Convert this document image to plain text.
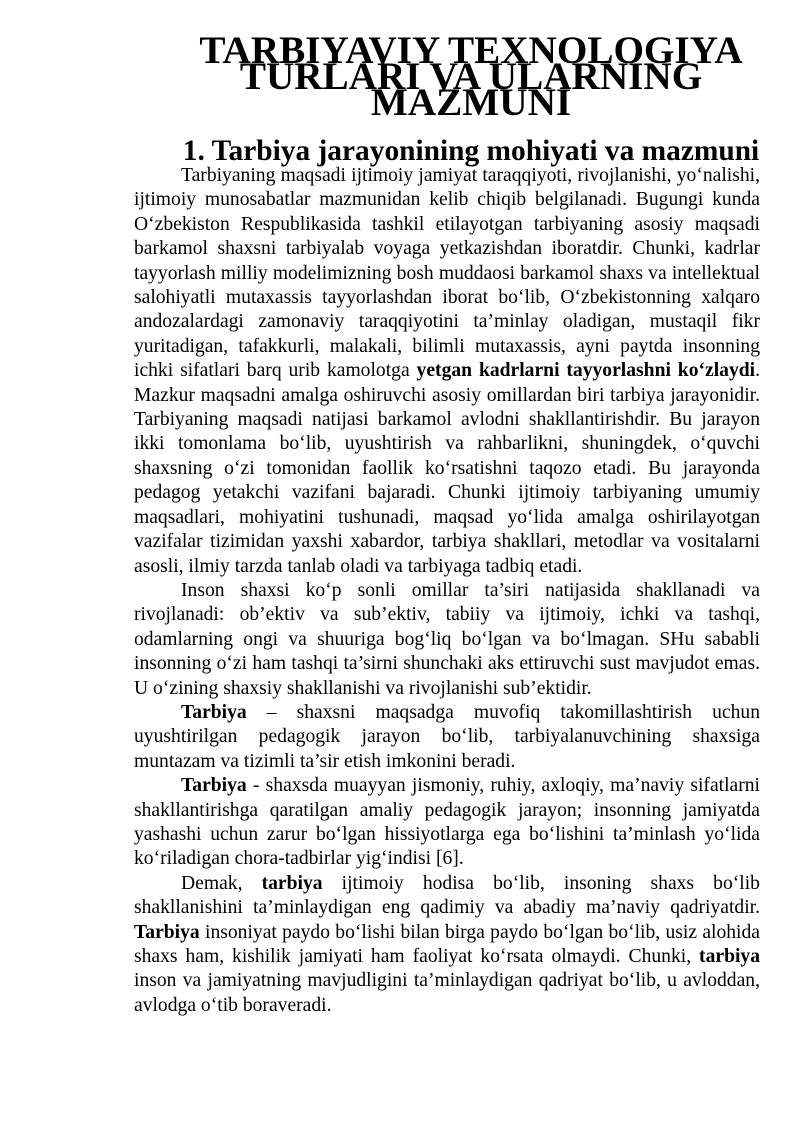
TARBIYAVIY TEXNOLOGIYA TURLARI VA ULARNING MAZMUNI
1. Tarbiya jarayonining mohiyati va mazmuni

Tarbiyaning maqsadi ijtimoiy jamiyat taraqqiyoti, rivojlanishi, yo‘nalishi, ijtimoiy munosabatlar mazmunidan kelib chiqib belgilanadi. Bugungi kunda O‘zbekiston Respublikasida tashkil etilayotgan tarbiyaning asosiy maqsadi barkamol shaxsni tarbiyalab voyaga yetkazishdan iboratdir. Chunki, kadrlar tayyorlash milliy modelimizning bosh muddaosi barkamol shaxs va intellektual salohiyatli mutaxassis tayyorlashdan iborat bo‘lib, O‘zbekistonning xalqaro andozalardagi zamonaviy taraqqiyotini ta’minlay oladigan, mustaqil fikr yuritadigan, tafakkurli, malakali, bilimli mutaxassis, ayni paytda insonning ichki sifatlari barq urib kamolotga yetgan kadrlarni tayyorlashni ko‘zlaydi. Mazkur maqsadni amalga oshiruvchi asosiy omillardan biri tarbiya jarayonidir. Tarbiyaning maqsadi natijasi barkamol avlodni shakllantirishdir. Bu jarayon ikki tomonlama bo‘lib, uyushtirish va rahbarlikni, shuningdek, o‘quvchi shaxsning o‘zi tomonidan faollik ko‘rsatishni taqozo etadi. Bu jarayonda pedagog yetakchi vazifani bajaradi. Chunki ijtimoiy tarbiyaning umumiy maqsadlari, mohiyatini tushunadi, maqsad yo‘lida amalga oshirilayotgan vazifalar tizimidan yaxshi xabardor, tarbiya shakllari, metodlar va vositalarni asosli, ilmiy tarzda tanlab oladi va tarbiyaga tadbiq etadi.

Inson shaxsi ko‘p sonli omillar ta’siri natijasida shakllanadi va rivojlanadi: ob’ektiv va sub’ektiv, tabiiy va ijtimoiy, ichki va tashqi, odamlarning ongi va shuuriga bog‘liq bo‘lgan va bo‘lmagan. SHu sababli insonning o‘zi ham tashqi ta’sirni shunchaki aks ettiruvchi sust mavjudot emas. U o‘zining shaxsiy shakllanishi va rivojlanishi sub’ektidir.

Tarbiya – shaxsni maqsadga muvofiq takomillashtirish uchun uyushtirilgan pedagogik jarayon bo‘lib, tarbiyalanuvchining shaxsiga muntazam va tizimli ta’sir etish imkonini beradi.

Tarbiya - shaxsda muayyan jismoniy, ruhiy, axloqiy, ma’naviy sifatlarni shakllantirishga qaratilgan amaliy pedagogik jarayon; insonning jamiyatda yashashi uchun zarur bo‘lgan hissiyotlarga ega bo‘lishini ta’minlash yo‘lida ko‘riladigan chora-tadbirlar yig‘indisi [6].

Demak, tarbiya ijtimoiy hodisa bo‘lib, insoning shaxs bo‘lib shakllanishini ta’minlaydigan eng qadimiy va abadiy ma’naviy qadriyatdir. Tarbiya insoniyat paydo bo‘lishi bilan birga paydo bo‘lgan bo‘lib, usiz alohida shaxs ham, kishilik jamiyati ham faoliyat ko‘rsata olmaydi. Chunki, tarbiya inson va jamiyatning mavjudligini ta’minlaydigan qadriyat bo‘lib, u avloddan, avlodga o‘tib boraveradi.
